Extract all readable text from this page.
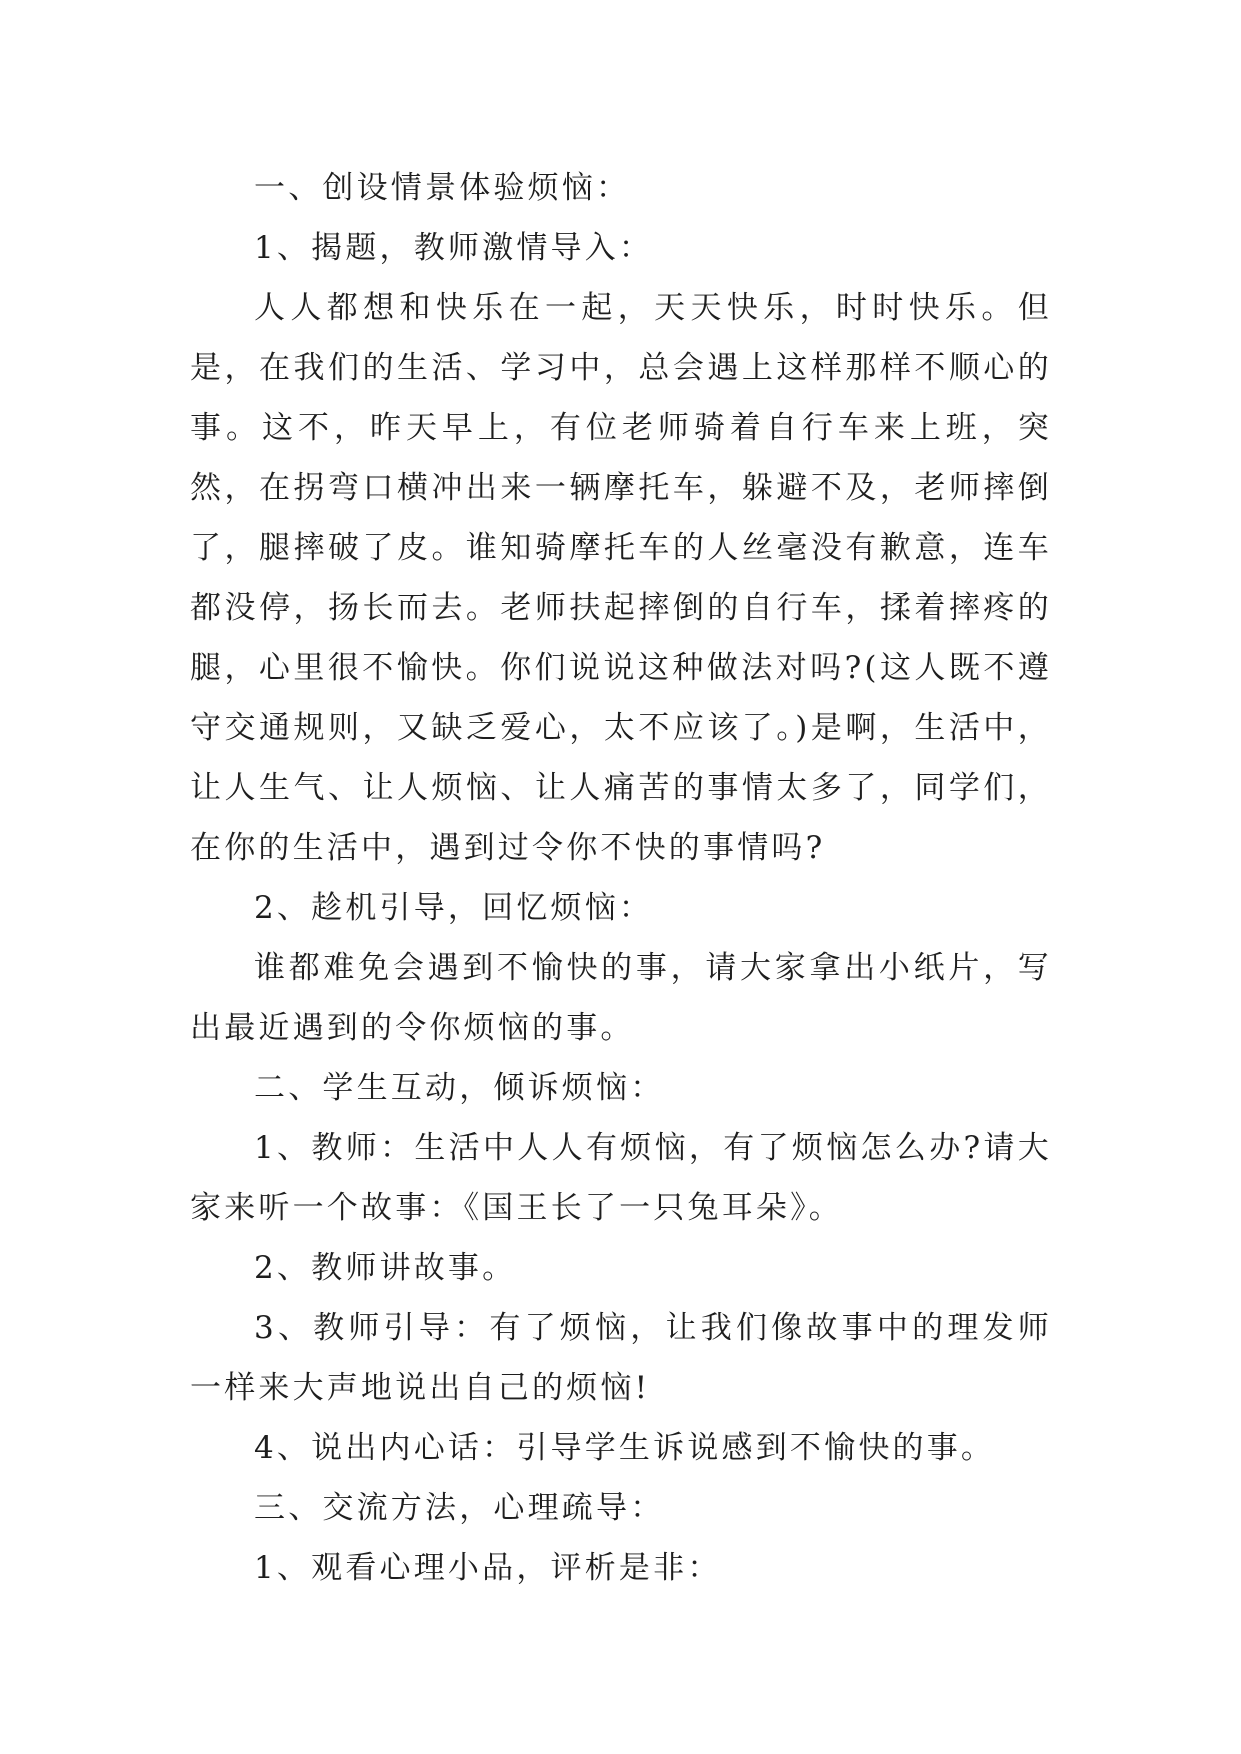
一、创设情景体验烦恼：

1、揭题，教师激情导入：

人人都想和快乐在一起，天天快乐，时时快乐。但是，在我们的生活、学习中，总会遇上这样那样不顺心的事。这不，昨天早上，有位老师骑着自行车来上班，突然，在拐弯口横冲出来一辆摩托车，躲避不及，老师摔倒了，腿摔破了皮。谁知骑摩托车的人丝毫没有歉意，连车都没停，扬长而去。老师扶起摔倒的自行车，揉着摔疼的腿，心里很不愉快。你们说说这种做法对吗?(这人既不遵守交通规则，又缺乏爱心，太不应该了。)是啊，生活中，让人生气、让人烦恼、让人痛苦的事情太多了，同学们，在你的生活中，遇到过令你不快的事情吗?

2、趁机引导，回忆烦恼：

谁都难免会遇到不愉快的事，请大家拿出小纸片，写出最近遇到的令你烦恼的事。

二、学生互动，倾诉烦恼：

1、教师：生活中人人有烦恼，有了烦恼怎么办?请大家来听一个故事：《国王长了一只兔耳朵》。

2、教师讲故事。

3、教师引导：有了烦恼，让我们像故事中的理发师一样来大声地说出自己的烦恼!

4、说出内心话：引导学生诉说感到不愉快的事。

三、交流方法，心理疏导：

1、观看心理小品，评析是非：
